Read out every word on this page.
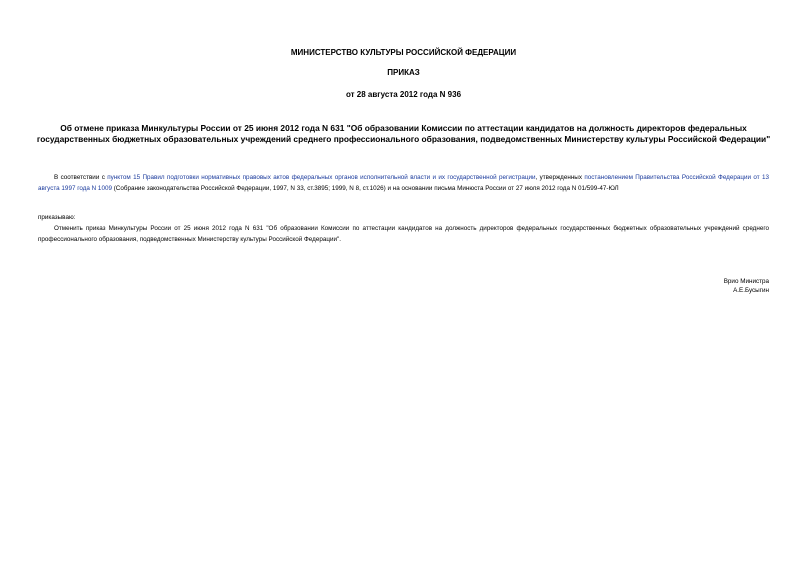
МИНИСТЕРСТВО КУЛЬТУРЫ РОССИЙСКОЙ ФЕДЕРАЦИИ

ПРИКАЗ

от 28 августа 2012 года N 936

Об отмене приказа Минкультуры России от 25 июня 2012 года N 631 "Об образовании Комиссии по аттестации кандидатов на должность директоров федеральных государственных бюджетных образовательных учреждений среднего профессионального образования, подведомственных Министерству культуры Российской Федерации"

В соответствии с пунктом 15 Правил подготовки нормативных правовых актов федеральных органов исполнительной власти и их государственной регистрации, утвержденных постановлением Правительства Российской Федерации от 13 августа 1997 года N 1009 (Собрание законодательства Российской Федерации, 1997, N 33, ст.3895; 1999, N 8, ст.1026) и на основании письма Минюста России от 27 июля 2012 года N 01/599-47-ЮЛ

приказываю:

Отменить приказ Минкультуры России от 25 июня 2012 года N 631 "Об образовании Комиссии по аттестации кандидатов на должность директоров федеральных государственных бюджетных образовательных учреждений среднего профессионального образования, подведомственных Министерству культуры Российской Федерации".

Врио Министра

А.Е.Бусыгин
